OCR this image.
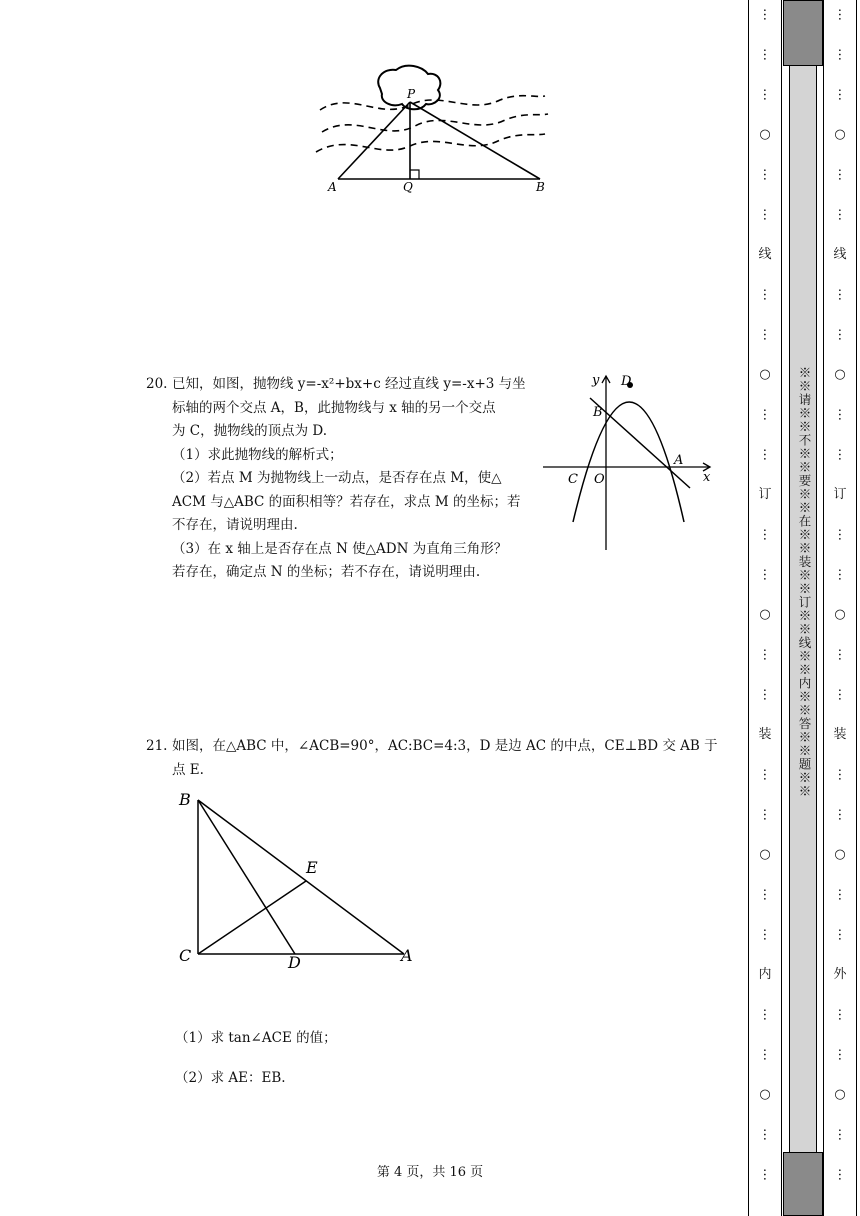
P
A	Q	B

20. 已知，如图，抛物线 y=-x²+bx+c 经过直线 y=-x+3 与坐

标轴的两个交点 A，B，此抛物线与 x 轴的另一个交点

为 C，抛物线的顶点为 D.

（1）求此抛物线的解析式；

（2）若点 M 为抛物线上一动点，是否存在点 M，使△

ACM 与△ABC 的面积相等？若存在，求点 M 的坐标；若

不存在，请说明理由.

（3）在 x 轴上是否存在点 N 使△ADN 为直角三角形？

若存在，确定点 N 的坐标；若不存在，请说明理由.

y D
B
A
x
C O

21. 如图，在△ABC 中，∠ACB=90°，AC:BC=4:3，D 是边 AC 的中点，CE⊥BD 交 AB 于

点 E.

B
E
C	D	A
（1）求 tan∠ACE 的值；
（2）求 AE：EB.
第 4 页，共 16 页
…
…
…
○
…
…
线
…
…
○
…
…
订
…
…
○
…
…
装
…
…
○
…
…
内
…
…
○
…
…
※※请※※不※※要※※在※※装※※订※※线※※内※※答※※题※※
…
…
…
○
…
…
线
…
…
○
…
…
订
…
…
○
…
…
装
…
…
○
…
…
外
…
…
○
…
…
